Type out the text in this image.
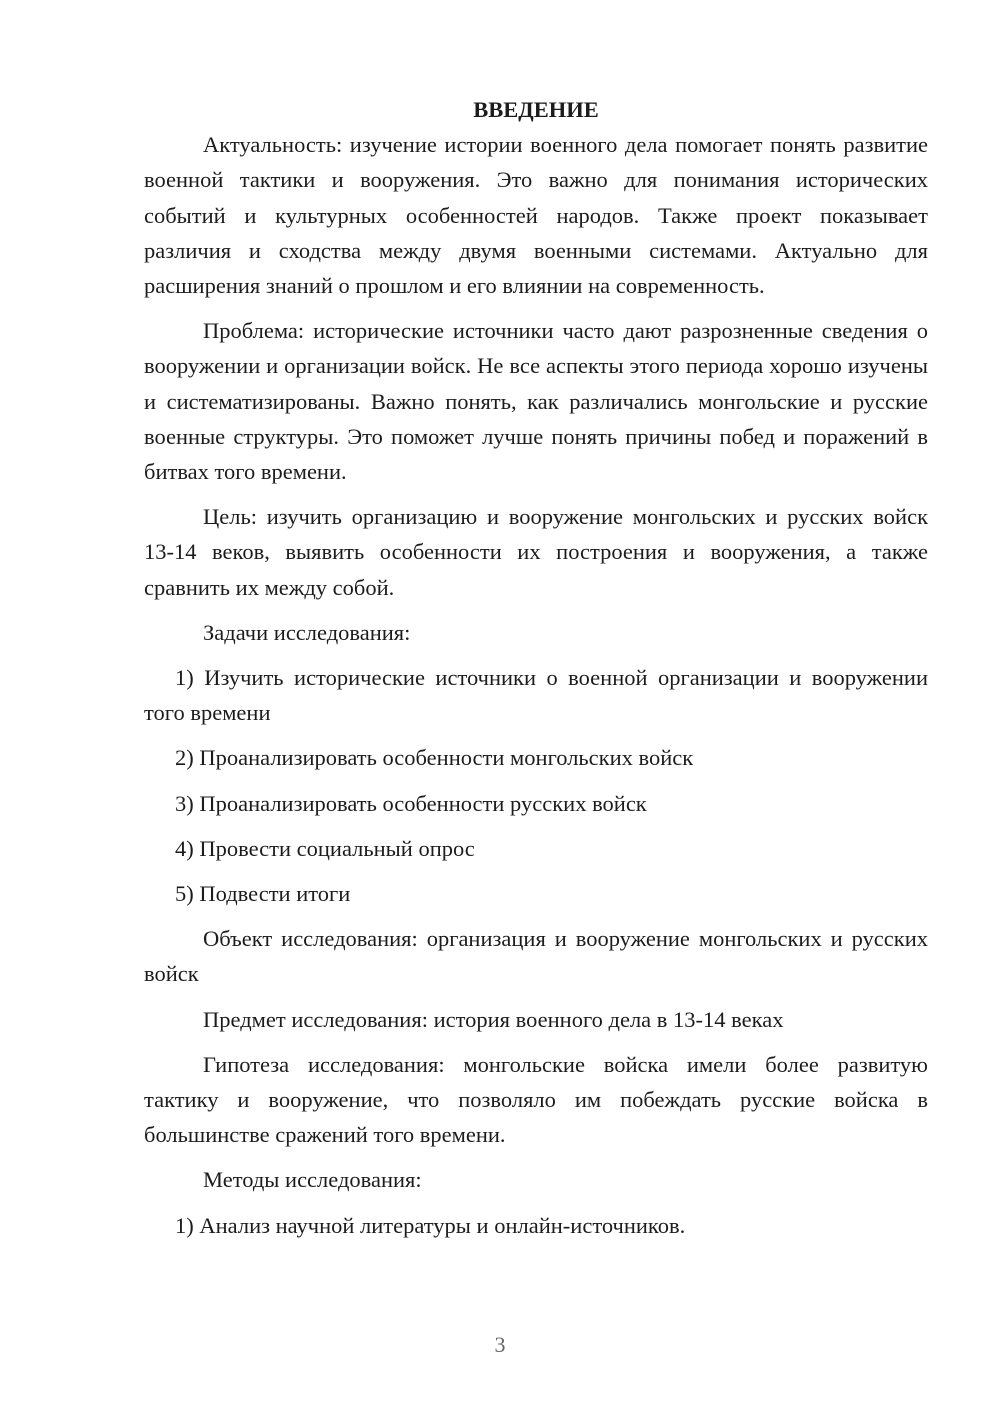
ВВЕДЕНИЕ

Актуальность: изучение истории военного дела помогает понять развитие военной тактики и вооружения. Это важно для понимания исторических событий и культурных особенностей народов. Также проект показывает различия и сходства между двумя военными системами. Актуально для расширения знаний о прошлом и его влиянии на современность.

Проблема: исторические источники часто дают разрозненные сведения о вооружении и организации войск. Не все аспекты этого периода хорошо изучены и систематизированы. Важно понять, как различались монгольские и русские военные структуры. Это поможет лучше понять причины побед и поражений в битвах того времени.

Цель: изучить организацию и вооружение монгольских и русских войск 13-14 веков, выявить особенности их построения и вооружения, а также сравнить их между собой.

Задачи исследования:

1) Изучить исторические источники о военной организации и вооружении того времени

2) Проанализировать особенности монгольских войск

3) Проанализировать особенности русских войск

4) Провести социальный опрос

5) Подвести итоги

Объект исследования: организация и вооружение монгольских и русских войск

Предмет исследования: история военного дела в 13-14 веках

Гипотеза исследования: монгольские войска имели более развитую тактику и вооружение, что позволяло им побеждать русские войска в большинстве сражений того времени.

Методы исследования:

1) Анализ научной литературы и онлайн-источников.

3
